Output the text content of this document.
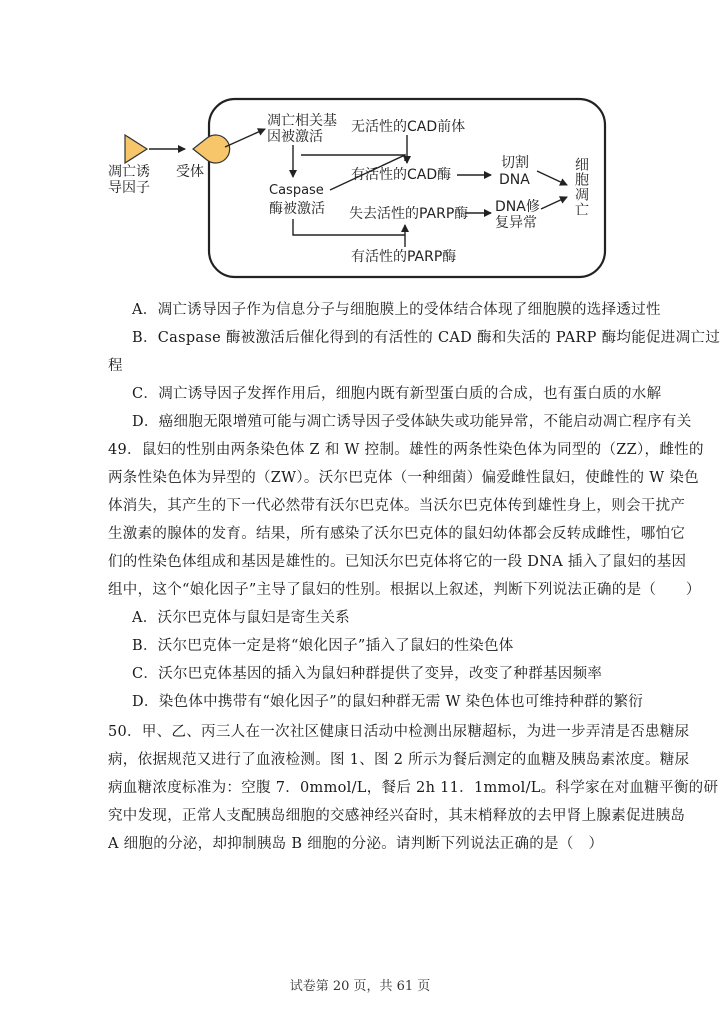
凋亡诱
导因子
受体
凋亡相关基
因被激活
Caspase
酶被激活
无活性的CAD前体
有活性的CAD酶
切割
DNA
失去活性的PARP酶 DNA修
复异常
有活性的PARP酶
细胞凋亡
A．凋亡诱导因子作为信息分子与细胞膜上的受体结合体现了细胞膜的选择透过性
B．Caspase 酶被激活后催化得到的有活性的 CAD 酶和失活的 PARP 酶均能促进凋亡过
程
C．凋亡诱导因子发挥作用后，细胞内既有新型蛋白质的合成，也有蛋白质的水解
D．癌细胞无限增殖可能与凋亡诱导因子受体缺失或功能异常，不能启动凋亡程序有关
49．鼠妇的性别由两条染色体 Z 和 W 控制。雄性的两条性染色体为同型的（ZZ），雌性的
两条性染色体为异型的（ZW）。沃尔巴克体（一种细菌）偏爱雌性鼠妇，使雌性的 W 染色
体消失，其产生的下一代必然带有沃尔巴克体。当沃尔巴克体传到雄性身上，则会干扰产
生激素的腺体的发育。结果，所有感染了沃尔巴克体的鼠妇幼体都会反转成雌性，哪怕它
们的性染色体组成和基因是雄性的。已知沃尔巴克体将它的一段 DNA 插入了鼠妇的基因
组中，这个“娘化因子”主导了鼠妇的性别。根据以上叙述，判断下列说法正确的是（　　）
A．沃尔巴克体与鼠妇是寄生关系
B．沃尔巴克体一定是将“娘化因子”插入了鼠妇的性染色体
C．沃尔巴克体基因的插入为鼠妇种群提供了变异，改变了种群基因频率
D．染色体中携带有“娘化因子”的鼠妇种群无需 W 染色体也可维持种群的繁衍
50．甲、乙、丙三人在一次社区健康日活动中检测出尿糖超标，为进一步弄清是否患糖尿
病，依据规范又进行了血液检测。图 1、图 2 所示为餐后测定的血糖及胰岛素浓度。糖尿
病血糖浓度标准为：空腹 7．0mmol/L，餐后 2h 11．1mmol/L。科学家在对血糖平衡的研
究中发现，正常人支配胰岛细胞的交感神经兴奋时，其末梢释放的去甲肾上腺素促进胰岛
A 细胞的分泌，却抑制胰岛 B 细胞的分泌。请判断下列说法正确的是（　）
试卷第 20 页，共 61 页
